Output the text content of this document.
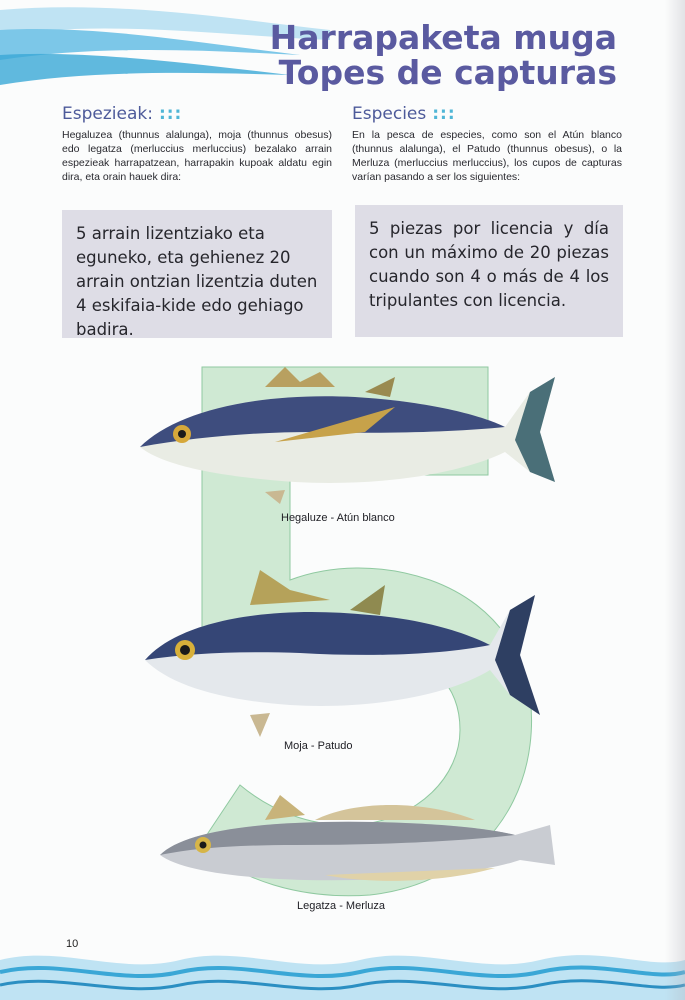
Harrapaketa muga
Topes de capturas
Espezieak: :::

Hegaluzea (thunnus alalunga), moja (thunnus obesus) edo legatza (merluccius merluccius) bezalako arrain espezieak harrapatzean, harrapakin kupoak aldatu egin dira, eta orain hauek dira:

Especies :::

En la pesca de especies, como son el Atún blanco (thunnus alalunga), el Patudo (thunnus obesus), o la Merluza (merluccius merluccius), los cupos de capturas varían pasando a ser los siguientes:

5 arrain lizentziako eta eguneko, eta gehienez 20 arrain ontzian lizentzia duten 4 eskifaia-kide edo gehiago badira.
5 piezas por licencia y día con un máximo de 20 piezas cuando son 4 o más de 4 los tripulantes con licencia.
Hegaluze - Atún blanco
Moja - Patudo
Legatza - Merluza
10
